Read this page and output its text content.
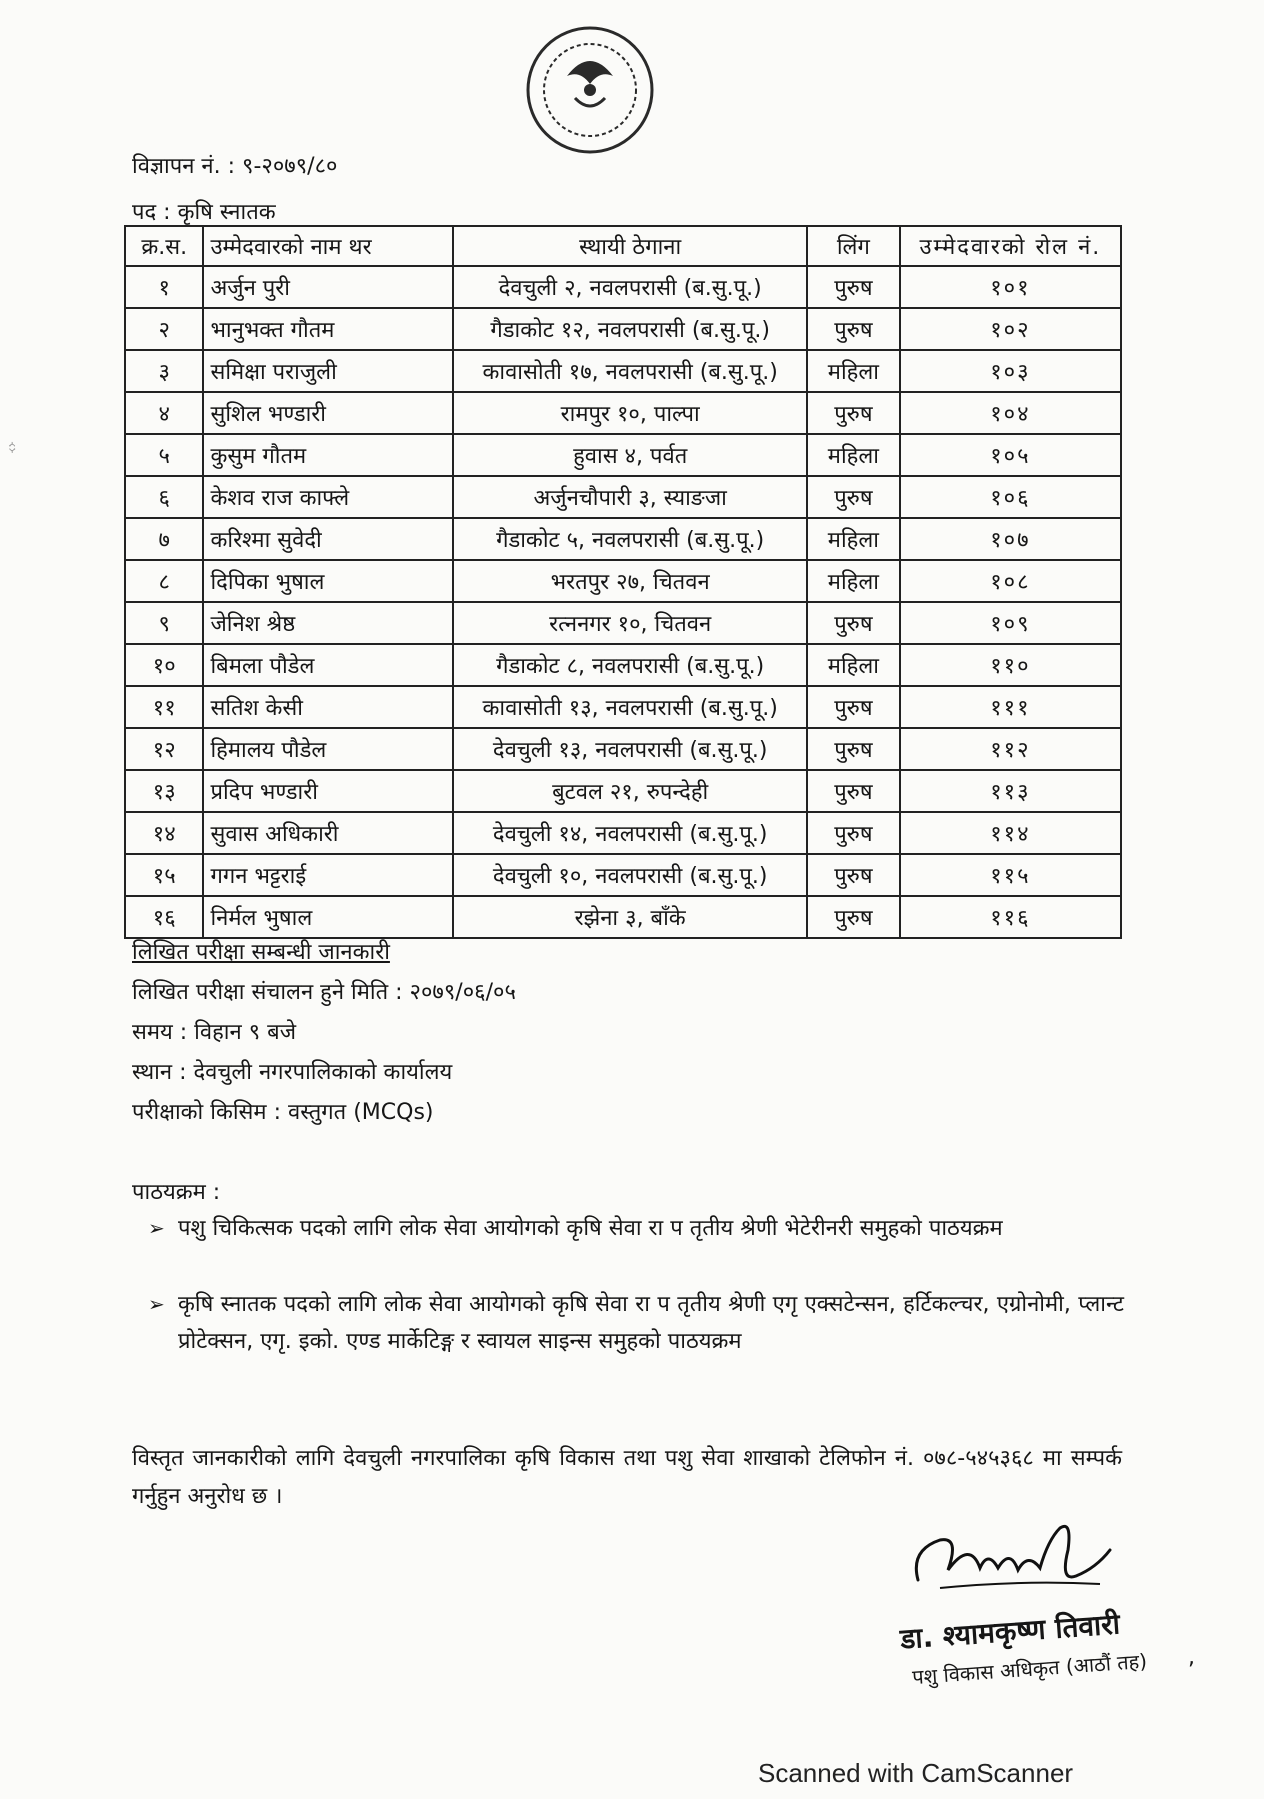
विज्ञापन नं. : ९-२०७९/८०
पद : कृषि स्नातक
क्र.स.	उम्मेदवारको नाम थर	स्थायी ठेगाना	लिंग	उम्मेदवारको रोल नं.
१	अर्जुन पुरी	देवचुली २, नवलपरासी (ब.सु.पू.)	पुरुष	१०१
२	भानुभक्त गौतम	गैडाकोट १२, नवलपरासी (ब.सु.पू.)	पुरुष	१०२
३	समिक्षा पराजुली	कावासोती १७, नवलपरासी (ब.सु.पू.)	महिला	१०३
४	सुशिल भण्डारी	रामपुर १०, पाल्पा	पुरुष	१०४
५	कुसुम गौतम	हुवास ४, पर्वत	महिला	१०५
६	केशव राज काफ्ले	अर्जुनचौपारी ३, स्याङजा	पुरुष	१०६
७	करिश्मा सुवेदी	गैडाकोट ५, नवलपरासी (ब.सु.पू.)	महिला	१०७
८	दिपिका भुषाल	भरतपुर २७, चितवन	महिला	१०८
९	जेनिश श्रेष्ठ	रत्ननगर १०, चितवन	पुरुष	१०९
१०	बिमला पौडेल	गैडाकोट ८, नवलपरासी (ब.सु.पू.)	महिला	११०
११	सतिश केसी	कावासोती १३, नवलपरासी (ब.सु.पू.)	पुरुष	१११
१२	हिमालय पौडेल	देवचुली १३, नवलपरासी (ब.सु.पू.)	पुरुष	११२
१३	प्रदिप भण्डारी	बुटवल २१, रुपन्देही	पुरुष	११३
१४	सुवास अधिकारी	देवचुली १४, नवलपरासी (ब.सु.पू.)	पुरुष	११४
१५	गगन भट्टराई	देवचुली १०, नवलपरासी (ब.सु.पू.)	पुरुष	११५
१६	निर्मल भुषाल	रझेना ३, बाँके	पुरुष	११६
लिखित परीक्षा सम्बन्धी जानकारी
लिखित परीक्षा संचालन हुने मिति : २०७९/०६/०५
समय : विहान ९ बजे
स्थान : देवचुली नगरपालिकाको कार्यालय
परीक्षाको किसिम : वस्तुगत (MCQs)
पाठयक्रम :
➢ पशु चिकित्सक पदको लागि लोक सेवा आयोगको कृषि सेवा रा प तृतीय श्रेणी भेटेरीनरी समुहको पाठयक्रम
➢ कृषि स्नातक पदको लागि लोक सेवा आयोगको कृषि सेवा रा प तृतीय श्रेणी एगृ एक्सटेन्सन, हर्टिकल्चर, एग्रोनोमी, प्लान्ट प्रोटेक्सन, एगृ. इको. एण्ड मार्केटिङ्ग र स्वायल साइन्स समुहको पाठयक्रम
विस्तृत जानकारीको लागि देवचुली नगरपालिका कृषि विकास तथा पशु सेवा शाखाको टेलिफोन नं. ०७८-५४५३६८ मा सम्पर्क गर्नुहुन अनुरोध छ ।
᨟
डा. श्यामकृष्ण तिवारी
पशु विकास अधिकृत (आठौं तह) ,
Scanned with CamScanner
